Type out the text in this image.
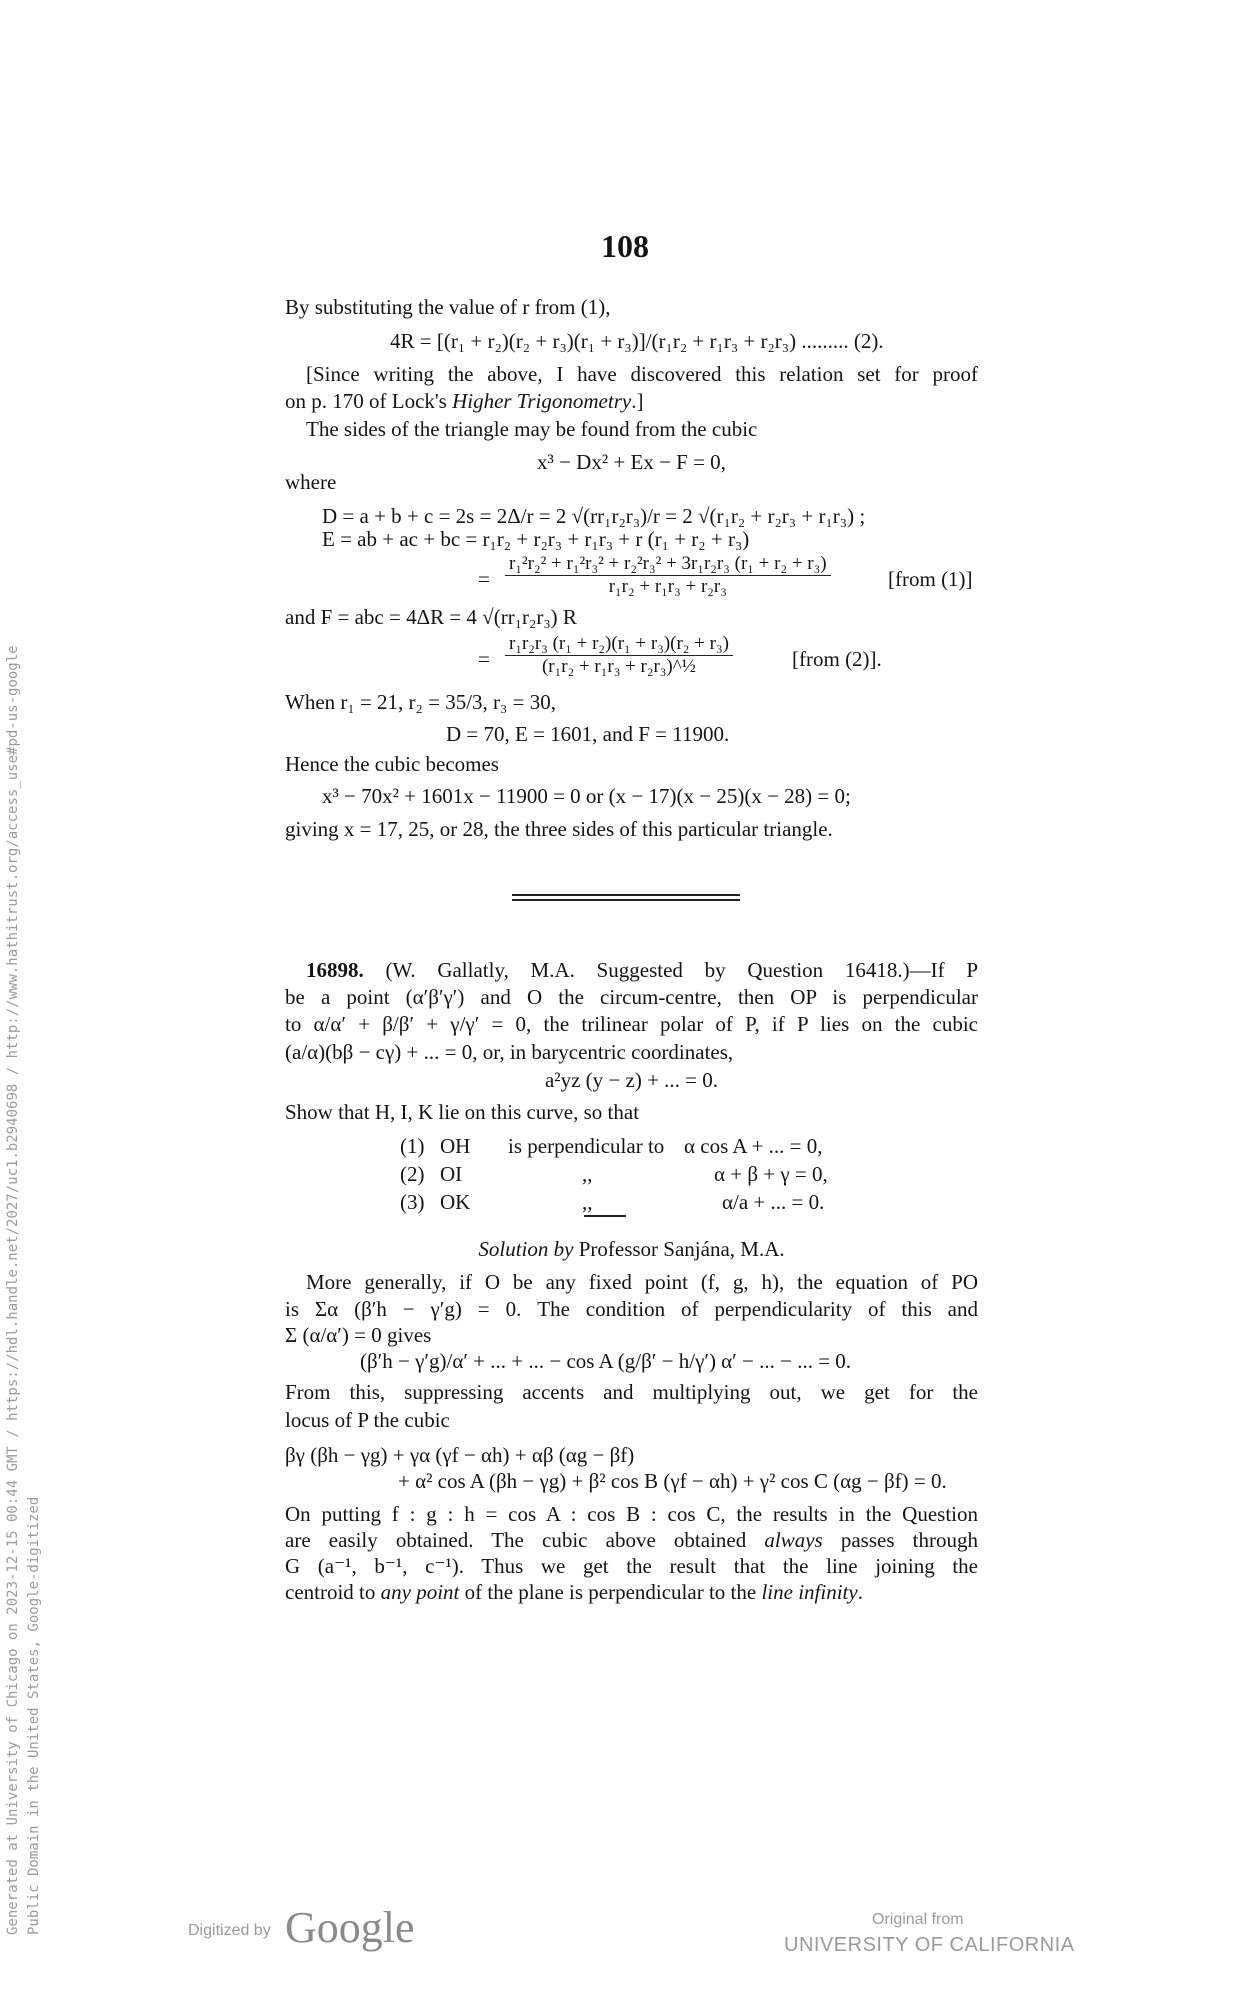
108
By substituting the value of r from (1),
4R = [(r₁ + r₂)(r₂ + r₃)(r₁ + r₃)]/(r₁r₂ + r₁r₃ + r₂r₃) ......... (2).
[Since writing the above, I have discovered this relation set for proof
on p. 170 of Lock's Higher Trigonometry.]
The sides of the triangle may be found from the cubic
x³ − Dx² + Ex − F = 0,
where
D = a + b + c = 2s = 2Δ/r = 2 √(rr₁r₂r₃)/r = 2 √(r₁r₂ + r₂r₃ + r₁r₃) ;
E = ab + ac + bc = r₁r₂ + r₂r₃ + r₁r₃ + r (r₁ + r₂ + r₃)
= $\frac{\text{r₁²r₂² + r₁²r₃² + r₂²r₃² + 3r₁r₂r₃ (r₁ + r₂ + r₃)}}{\text{r₁r₂ + r₁r₃ + r₂r₃}}$	[from (1)]
and F = abc = 4ΔR = 4 √(rr₁r₂r₃) R
= $\frac{\text{r₁r₂r₃ (r₁ + r₂)(r₁ + r₃)(r₂ + r₃)}}{\text{(r₁r₂ + r₁r₃ + r₂r₃)\textasciicircum{}½}}$	[from (2)].
When r₁ = 21, r₂ = 35/3, r₃ = 30,
D = 70, E = 1601, and F = 11900.
Hence the cubic becomes
x³ − 70x² + 1601x − 11900 = 0 or (x − 17)(x − 25)(x − 28) = 0;
giving x = 17, 25, or 28, the three sides of this particular triangle.
16898. (W. Gallatly, M.A. Suggested by Question 16418.)—If P
be a point (α′β′γ′) and O the circum-centre, then OP is perpendicular
to α/α′ + β/β′ + γ/γ′ = 0, the trilinear polar of P, if P lies on the cubic
(a/α)(bβ − cγ) + ... = 0, or, in barycentric coordinates,
a²yz (y − z) + ... = 0.
Show that H, I, K lie on this curve, so that
(1) OH is perpendicular to α cos A + ... = 0,
(2) OI	,,	α + β + γ = 0,
(3) OK	,,	α/a + ... = 0.
Solution by Professor Sanjána, M.A.
More generally, if O be any fixed point (f, g, h), the equation of PO
is Σα (β′h − γ′g) = 0. The condition of perpendicularity of this and
Σ (α/α′) = 0 gives
(β′h − γ′g)/α′ + ... + ... − cos A (g/β′ − h/γ′) α′ − ... − ... = 0.
From this, suppressing accents and multiplying out, we get for the
locus of P the cubic
βγ (βh − γg) + γα (γf − αh) + αβ (αg − βf)
+ α² cos A (βh − γg) + β² cos B (γf − αh) + γ² cos C (αg − βf) = 0.
On putting f : g : h = cos A : cos B : cos C, the results in the Question
are easily obtained. The cubic above obtained always passes through
G (a⁻¹, b⁻¹, c⁻¹). Thus we get the result that the line joining the
centroid to any point of the plane is perpendicular to the line infinity.
Generated at University of Chicago on 2023-12-15 00:44 GMT / https://hdl.handle.net/2027/uc1.b2940698 / http://www.hathitrust.org/access_use#pd-us-google Public Domain in the United States, Google-digitized	Digitized by Google	Original from
UNIVERSITY OF CALIFORNIA
